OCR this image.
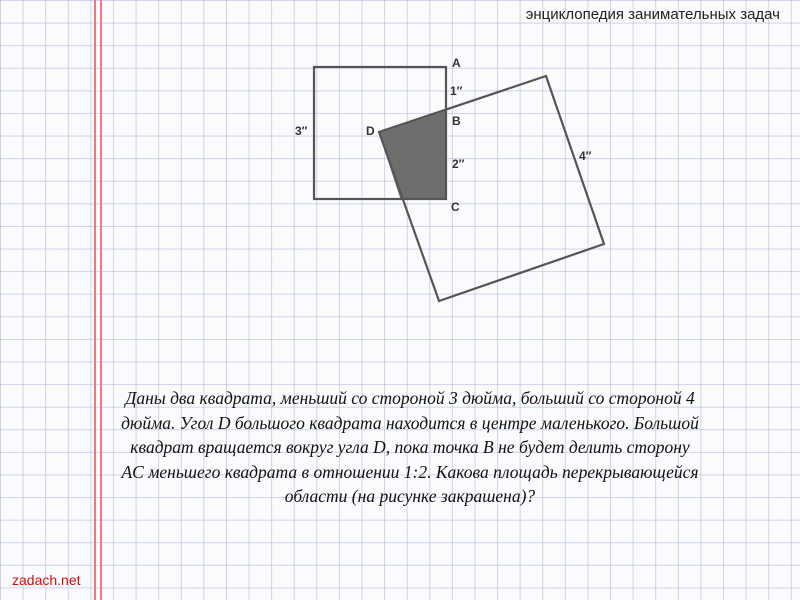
энциклопедия занимательных задач
A
B
C
D
3″
1″
2″
4″
Даны два квадрата, меньший со стороной 3 дюйма, больший со стороной 4 дюйма. Угол D большого квадрата находится в центре маленького. Большой квадрат вращается вокруг угла D, пока точка B не будет делить сторону AC меньшего квадрата в отношении 1:2. Какова площадь перекрывающейся области (на рисунке закрашена)?
zadach.net
